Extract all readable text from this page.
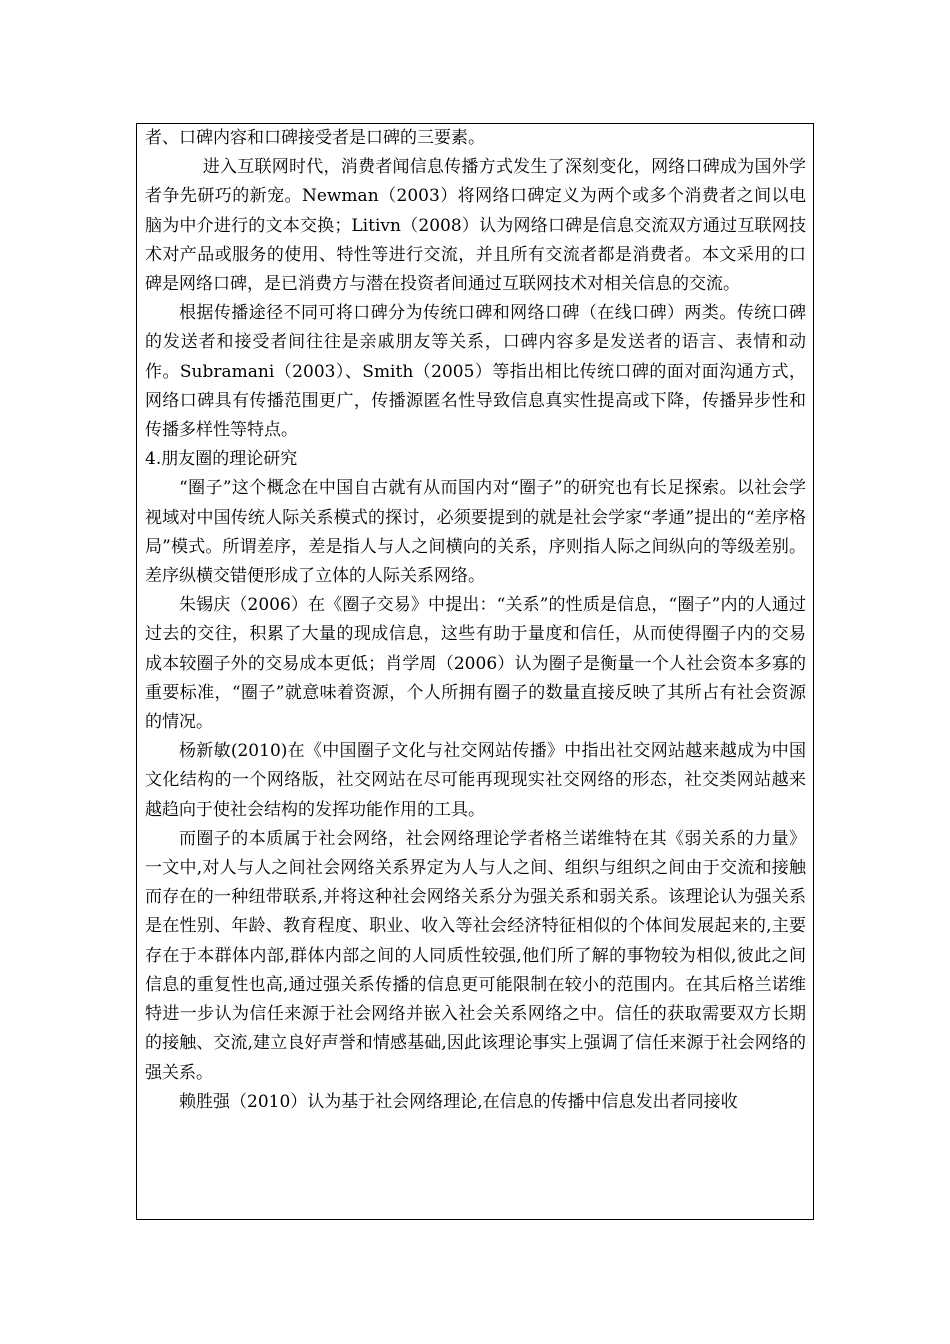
者、口碑内容和口碑接受者是口碑的三要素。

进入互联网时代，消费者闻信息传播方式发生了深刻变化，网络口碑成为国外学者争先研巧的新宠。Newman（2003）将网络口碑定义为两个或多个消费者之间以电脑为中介进行的文本交换；Litivn（2008）认为网络口碑是信息交流双方通过互联网技术对产品或服务的使用、特性等进行交流，并且所有交流者都是消费者。本文采用的口碑是网络口碑，是已消费方与潜在投资者间通过互联网技术对相关信息的交流。

根据传播途径不同可将口碑分为传统口碑和网络口碑（在线口碑）两类。传统口碑的发送者和接受者间往往是亲戚朋友等关系，口碑内容多是发送者的语言、表情和动作。Subramani（2003）、Smith（2005）等指出相比传统口碑的面对面沟通方式，网络口碑具有传播范围更广，传播源匿名性导致信息真实性提高或下降，传播异步性和传播多样性等特点。

4.朋友圈的理论研究

“圈子”这个概念在中国自古就有从而国内对“圈子”的研究也有长足探索。以社会学视域对中国传统人际关系模式的探讨，必须要提到的就是社会学家“孝通”提出的“差序格局”模式。所谓差序，差是指人与人之间横向的关系，序则指人际之间纵向的等级差别。差序纵横交错便形成了立体的人际关系网络。

朱锡庆（2006）在《圈子交易》中提出：“关系”的性质是信息，“圈子”内的人通过过去的交往，积累了大量的现成信息，这些有助于量度和信任，从而使得圈子内的交易成本较圈子外的交易成本更低；肖学周（2006）认为圈子是衡量一个人社会资本多寡的重要标准，“圈子”就意味着资源，个人所拥有圈子的数量直接反映了其所占有社会资源的情况。

杨新敏(2010)在《中国圈子文化与社交网站传播》中指出社交网站越来越成为中国文化结构的一个网络版，社交网站在尽可能再现现实社交网络的形态，社交类网站越来越趋向于使社会结构的发挥功能作用的工具。

而圈子的本质属于社会网络，社会网络理论学者格兰诺维特在其《弱关系的力量》一文中,对人与人之间社会网络关系界定为人与人之间、组织与组织之间由于交流和接触而存在的一种纽带联系,并将这种社会网络关系分为强关系和弱关系。该理论认为强关系是在性别、年龄、教育程度、职业、收入等社会经济特征相似的个体间发展起来的,主要存在于本群体内部,群体内部之间的人同质性较强,他们所了解的事物较为相似,彼此之间信息的重复性也高,通过强关系传播的信息更可能限制在较小的范围内。在其后格兰诺维特进一步认为信任来源于社会网络并嵌入社会关系网络之中。信任的获取需要双方长期的接触、交流,建立良好声誉和情感基础,因此该理论事实上强调了信任来源于社会网络的强关系。

赖胜强（2010）认为基于社会网络理论,在信息的传播中信息发出者同接收
